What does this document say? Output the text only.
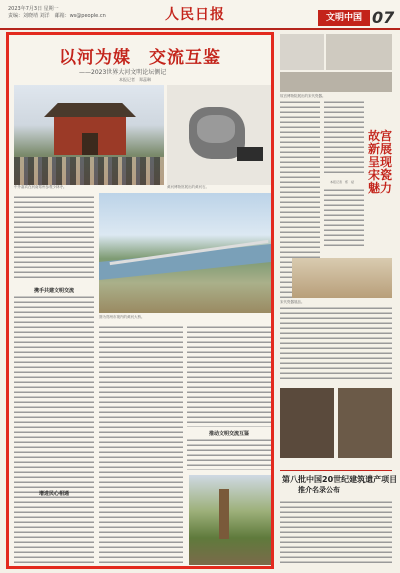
2023年7月3日 星期一
责编：刘晓靖 刘洋　邮箱：ws@people.cn	人民日报	文明中国 07
以河为媒　交流互鉴
——2023世界大河文明论坛侧记
本报记者　郑蕊琳
黄河博物馆展出的黄河石。
中外嘉宾在河南郑州参观少林寺。
图为郑州市境内的黄河大桥。
携手共建文明交流
推动文明交流互鉴
增进民心相通
故宫博物院展出的宋代瓷器。
故宫新展呈现宋瓷魅力
本报记者　郑　斌
宋代瓷器展品。
第八批中国20世纪建筑遗产项目
推介名录公布
